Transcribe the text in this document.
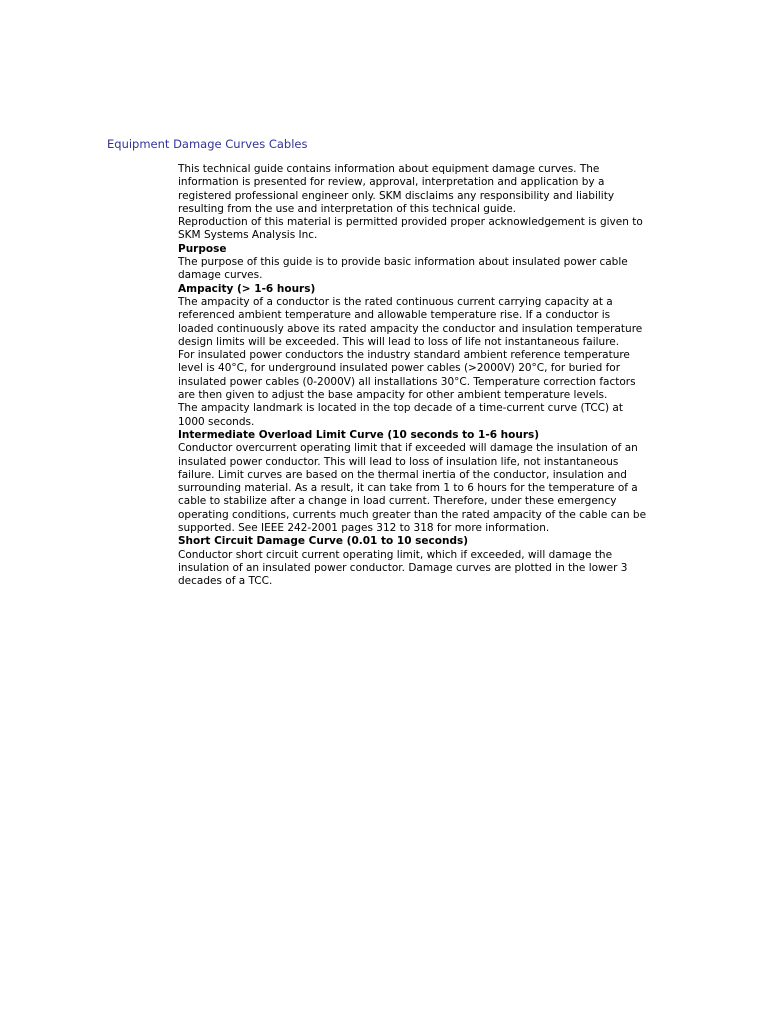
Equipment Damage Curves Cables

This technical guide contains information about equipment damage curves. The
information is presented for review, approval, interpretation and application by a
registered professional engineer only. SKM disclaims any responsibility and liability
resulting from the use and interpretation of this technical guide.

Reproduction of this material is permitted provided proper acknowledgement is given to
SKM Systems Analysis Inc.

Purpose

The purpose of this guide is to provide basic information about insulated power cable
damage curves.

Ampacity (> 1-6 hours)

The ampacity of a conductor is the rated continuous current carrying capacity at a
referenced ambient temperature and allowable temperature rise. If a conductor is
loaded continuously above its rated ampacity the conductor and insulation temperature
design limits will be exceeded. This will lead to loss of life not instantaneous failure.

For insulated power conductors the industry standard ambient reference temperature
level is 40°C, for underground insulated power cables (>2000V) 20°C, for buried for
insulated power cables (0-2000V) all installations 30°C. Temperature correction factors
are then given to adjust the base ampacity for other ambient temperature levels.
The ampacity landmark is located in the top decade of a time-current curve (TCC) at
1000 seconds.

Intermediate Overload Limit Curve (10 seconds to 1-6 hours)

Conductor overcurrent operating limit that if exceeded will damage the insulation of an
insulated power conductor. This will lead to loss of insulation life, not instantaneous
failure. Limit curves are based on the thermal inertia of the conductor, insulation and
surrounding material. As a result, it can take from 1 to 6 hours for the temperature of a
cable to stabilize after a change in load current. Therefore, under these emergency
operating conditions, currents much greater than the rated ampacity of the cable can be
supported. See IEEE 242-2001 pages 312 to 318 for more information.

Short Circuit Damage Curve (0.01 to 10 seconds)

Conductor short circuit current operating limit, which if exceeded, will damage the
insulation of an insulated power conductor. Damage curves are plotted in the lower 3
decades of a TCC.
